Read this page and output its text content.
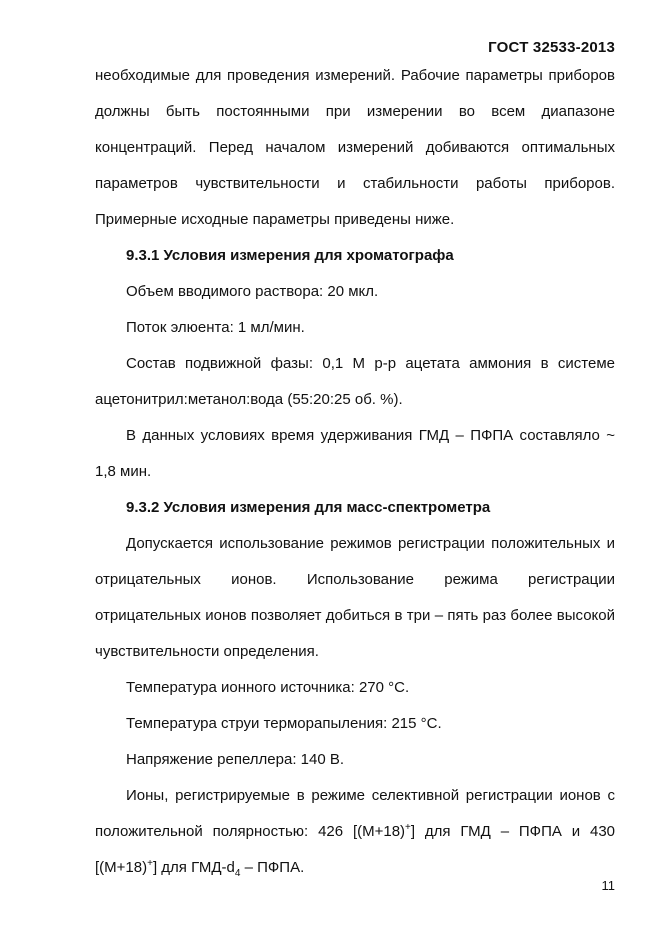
ГОСТ 32533-2013

необходимые для проведения измерений. Рабочие параметры приборов должны быть постоянными при измерении во всем диапазоне концентраций. Перед началом измерений добиваются оптимальных параметров чувствительности и стабильности работы приборов. Примерные исходные параметры приведены ниже.

9.3.1 Условия измерения для хроматографа

Объем вводимого раствора: 20 мкл.

Поток элюента: 1 мл/мин.

Состав подвижной фазы: 0,1 М р-р ацетата аммония в системе ацетонитрил:метанол:вода (55:20:25 об. %).

В данных условиях время удерживания ГМД – ПФПА составляло ~ 1,8 мин.

9.3.2 Условия измерения для масс-спектрометра

Допускается использование режимов регистрации положительных и отрицательных ионов. Использование режима регистрации отрицательных ионов позволяет добиться в три – пять раз более высокой чувствительности определения.

Температура ионного источника: 270 °С.

Температура струи терморапыления: 215 °С.

Напряжение репеллера: 140 В.

Ионы, регистрируемые в режиме селективной регистрации ионов с положительной полярностью: 426 [(М+18)+] для ГМД – ПФПА и 430 [(М+18)+] для ГМД-$d_4$ – ПФПА.

11
